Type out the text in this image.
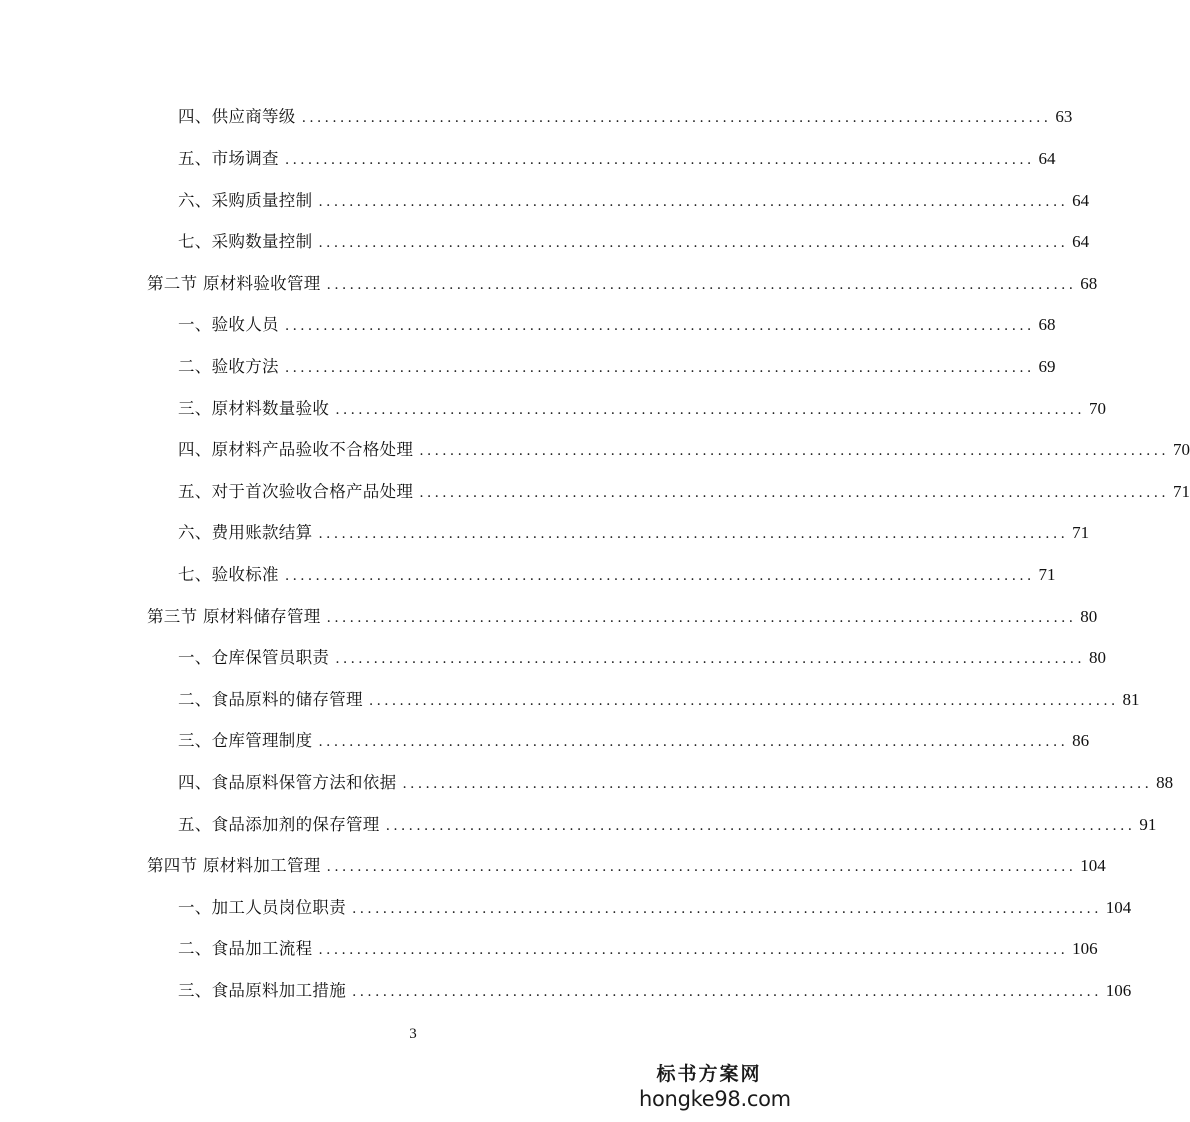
四、供应商等级 .................................................................................................. 63
五、市场调查 .................................................................................................. 64
六、采购质量控制 .................................................................................................. 64
七、采购数量控制 .................................................................................................. 64
第二节 原材料验收管理 .................................................................................................. 68
一、验收人员 .................................................................................................. 68
二、验收方法 .................................................................................................. 69
三、原材料数量验收 .................................................................................................. 70
四、原材料产品验收不合格处理 .................................................................................................. 70
五、对于首次验收合格产品处理 .................................................................................................. 71
六、费用账款结算 .................................................................................................. 71
七、验收标准 .................................................................................................. 71
第三节 原材料储存管理 .................................................................................................. 80
一、仓库保管员职责 .................................................................................................. 80
二、食品原料的储存管理 .................................................................................................. 81
三、仓库管理制度 .................................................................................................. 86
四、食品原料保管方法和依据 .................................................................................................. 88
五、食品添加剂的保存管理 .................................................................................................. 91
第四节 原材料加工管理 .................................................................................................. 104
一、加工人员岗位职责 .................................................................................................. 104
二、食品加工流程 .................................................................................................. 106
三、食品原料加工措施 .................................................................................................. 106
3
标书方案网
hongke98.com
